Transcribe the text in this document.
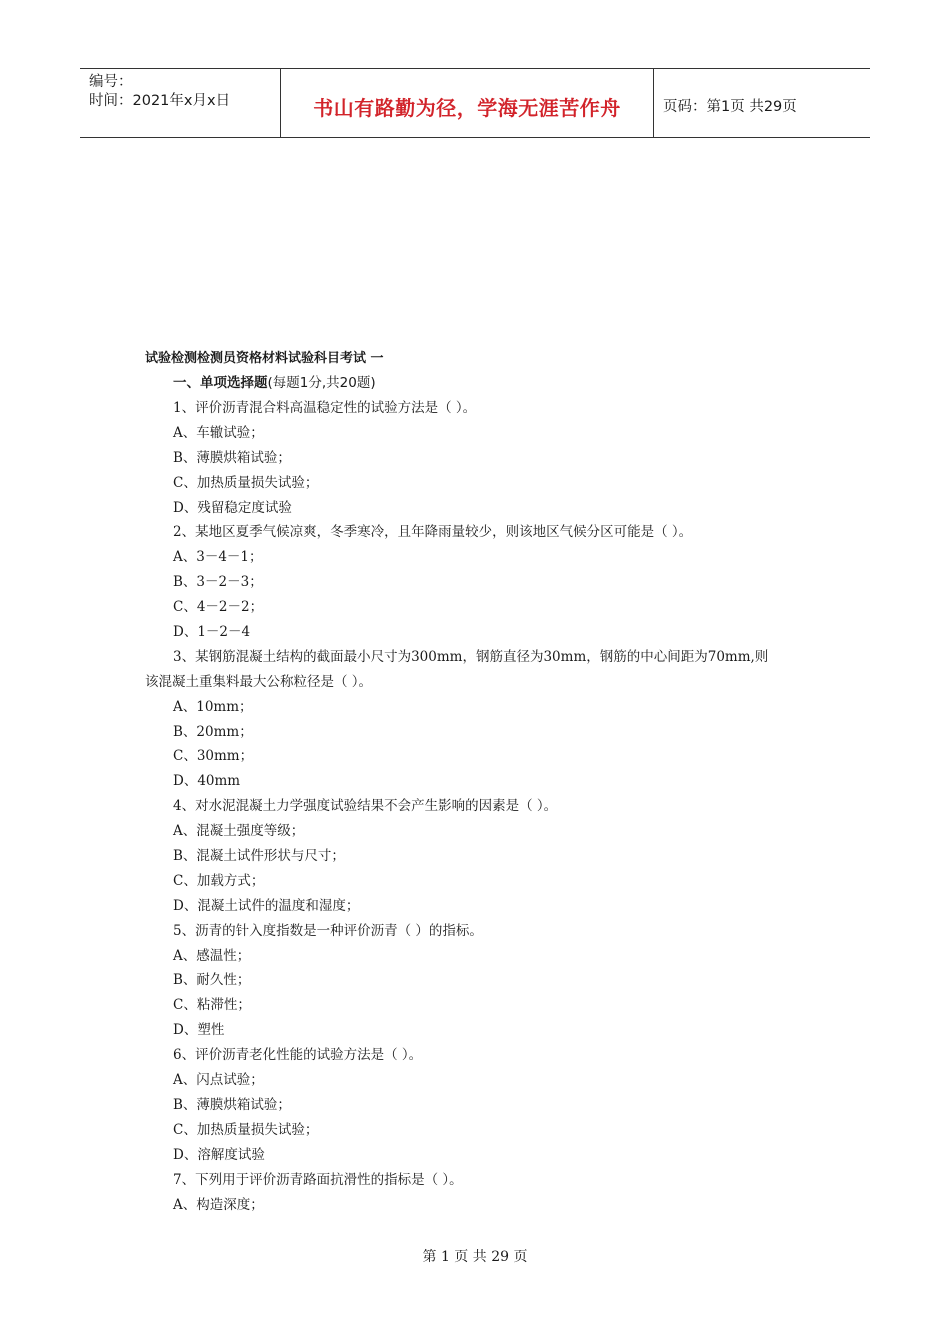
编号：
时间：2021年x月x日	书山有路勤为径，学海无涯苦作舟	页码：第1页 共29页
试验检测检测员资格材料试验科目考试 一
一、单项选择题(每题1分,共20题)
1、评价沥青混合料高温稳定性的试验方法是（ ）。
A、车辙试验；
B、薄膜烘箱试验；
C、加热质量损失试验；
D、残留稳定度试验
2、某地区夏季气候凉爽，冬季寒冷，且年降雨量较少，则该地区气候分区可能是（ ）。
A、3－4－1；
B、3－2－3；
C、4－2－2；
D、1－2－4
3、某钢筋混凝土结构的截面最小尺寸为300mm，钢筋直径为30mm，钢筋的中心间距为70mm,则
该混凝土重集料最大公称粒径是（ ）。
A、10mm；
B、20mm；
C、30mm；
D、40mm
4、对水泥混凝土力学强度试验结果不会产生影响的因素是（ ）。
A、混凝土强度等级；
B、混凝土试件形状与尺寸；
C、加载方式；
D、混凝土试件的温度和湿度；
5、沥青的针入度指数是一种评价沥青（ ）的指标。
A、感温性；
B、耐久性；
C、粘滞性；
D、塑性
6、评价沥青老化性能的试验方法是（ ）。
A、闪点试验；
B、薄膜烘箱试验；
C、加热质量损失试验；
D、溶解度试验
7、下列用于评价沥青路面抗滑性的指标是（ ）。
A、构造深度；
第 1 页 共 29 页
